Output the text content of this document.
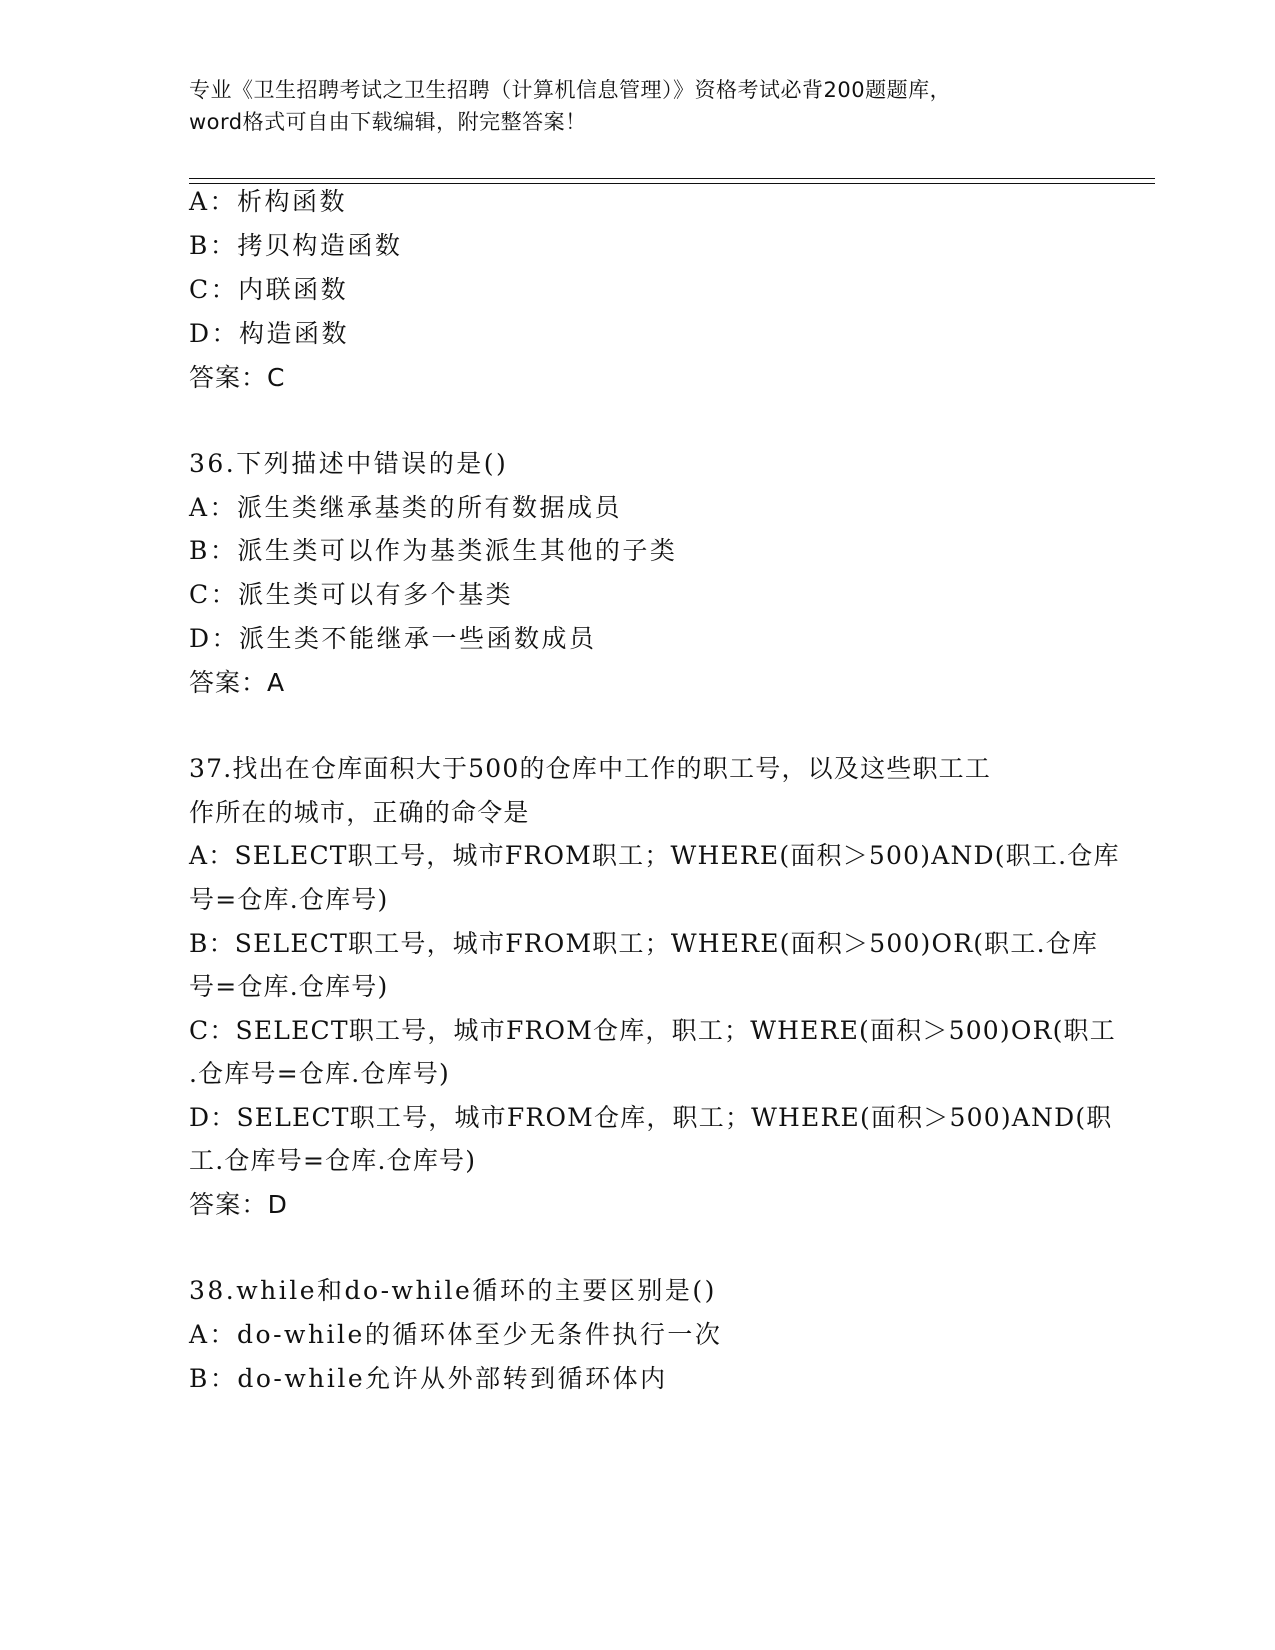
专业《卫生招聘考试之卫生招聘（计算机信息管理）》资格考试必背200题题库，
word格式可自由下载编辑，附完整答案！
A：析构函数
B：拷贝构造函数
C：内联函数
D：构造函数
答案：C
36.下列描述中错误的是()
A：派生类继承基类的所有数据成员
B：派生类可以作为基类派生其他的子类
C：派生类可以有多个基类
D：派生类不能继承一些函数成员
答案：A
37.找出在仓库面积大于500的仓库中工作的职工号，以及这些职工工
作所在的城市，正确的命令是
A：SELECT职工号，城市FROM职工；WHERE(面积＞500)AND(职工.仓库
号=仓库.仓库号)
B：SELECT职工号，城市FROM职工；WHERE(面积＞500)OR(职工.仓库
号=仓库.仓库号)
C：SELECT职工号，城市FROM仓库，职工；WHERE(面积＞500)OR(职工
.仓库号=仓库.仓库号)
D：SELECT职工号，城市FROM仓库，职工；WHERE(面积＞500)AND(职
工.仓库号=仓库.仓库号)
答案：D
38.while和do-while循环的主要区别是()
A：do-while的循环体至少无条件执行一次
B：do-while允许从外部转到循环体内
